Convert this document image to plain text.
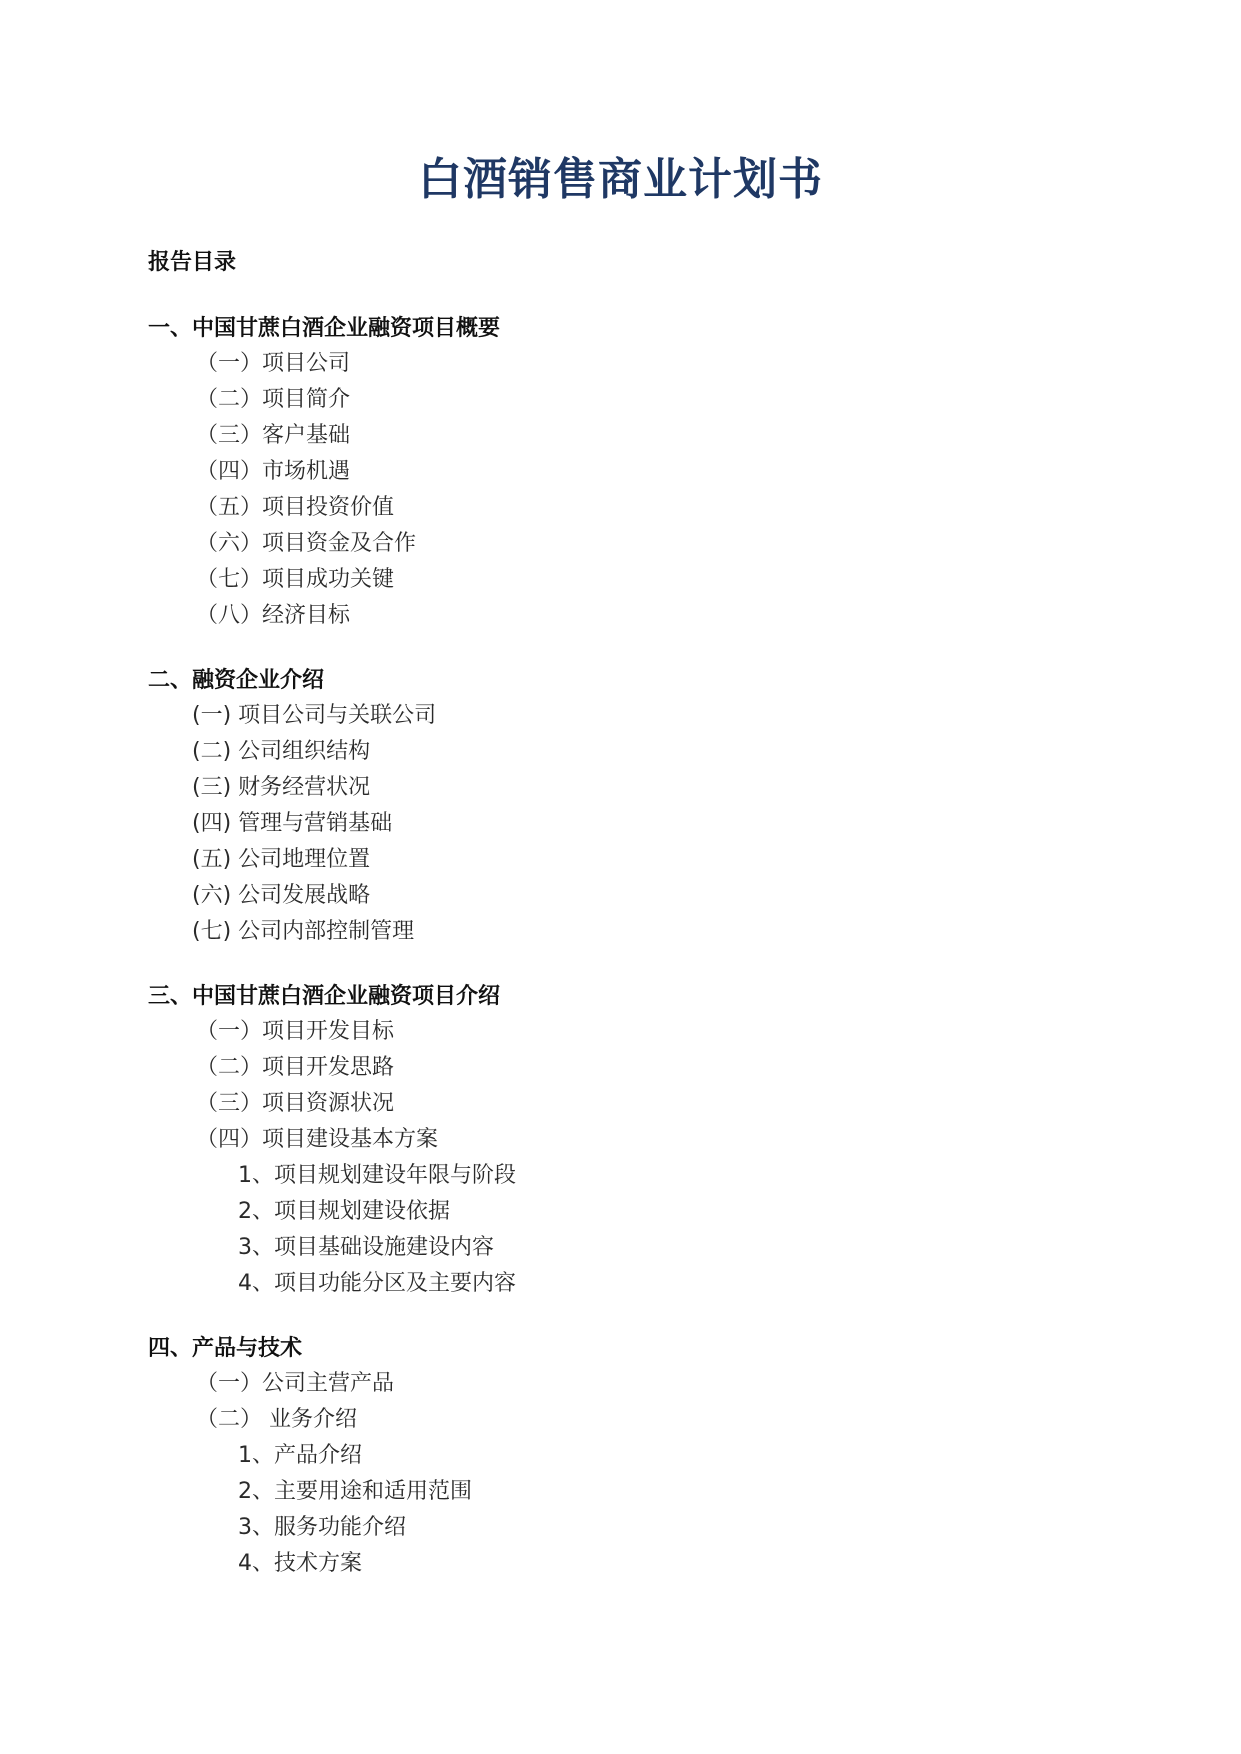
白酒销售商业计划书
报告目录
一、中国甘蔗白酒企业融资项目概要
（一）项目公司
（二）项目简介
（三）客户基础
（四）市场机遇
（五）项目投资价值
（六）项目资金及合作
（七）项目成功关键
（八）经济目标
二、融资企业介绍
(一) 项目公司与关联公司
(二) 公司组织结构
(三) 财务经营状况
(四) 管理与营销基础
(五) 公司地理位置
(六) 公司发展战略
(七) 公司内部控制管理
三、中国甘蔗白酒企业融资项目介绍
（一）项目开发目标
（二）项目开发思路
（三）项目资源状况
（四）项目建设基本方案
1、项目规划建设年限与阶段
2、项目规划建设依据
3、项目基础设施建设内容
4、项目功能分区及主要内容
四、产品与技术
（一）公司主营产品
（二） 业务介绍
1、产品介绍
2、主要用途和适用范围
3、服务功能介绍
4、技术方案
